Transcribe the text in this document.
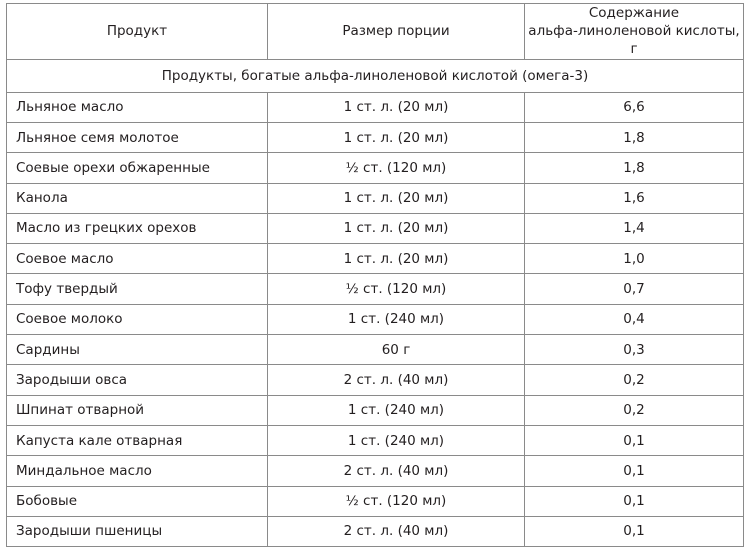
Продукт	Размер порции	Содержание
альфа-линоленовой кислоты, г
Продукты, богатые альфа-линоленовой кислотой (омега-3)		
Льняное масло	1 ст. л. (20 мл)	6,6
Льняное семя молотое	1 ст. л. (20 мл)	1,8
Соевые орехи обжаренные	½ ст. (120 мл)	1,8
Канола	1 ст. л. (20 мл)	1,6
Масло из грецких орехов	1 ст. л. (20 мл)	1,4
Соевое масло	1 ст. л. (20 мл)	1,0
Тофу твердый	½ ст. (120 мл)	0,7
Соевое молоко	1 ст. (240 мл)	0,4
Сардины	60 г	0,3
Зародыши овса	2 ст. л. (40 мл)	0,2
Шпинат отварной	1 ст. (240 мл)	0,2
Капуста кале отварная	1 ст. (240 мл)	0,1
Миндальное масло	2 ст. л. (40 мл)	0,1
Бобовые	½ ст. (120 мл)	0,1
Зародыши пшеницы	2 ст. л. (40 мл)	0,1
